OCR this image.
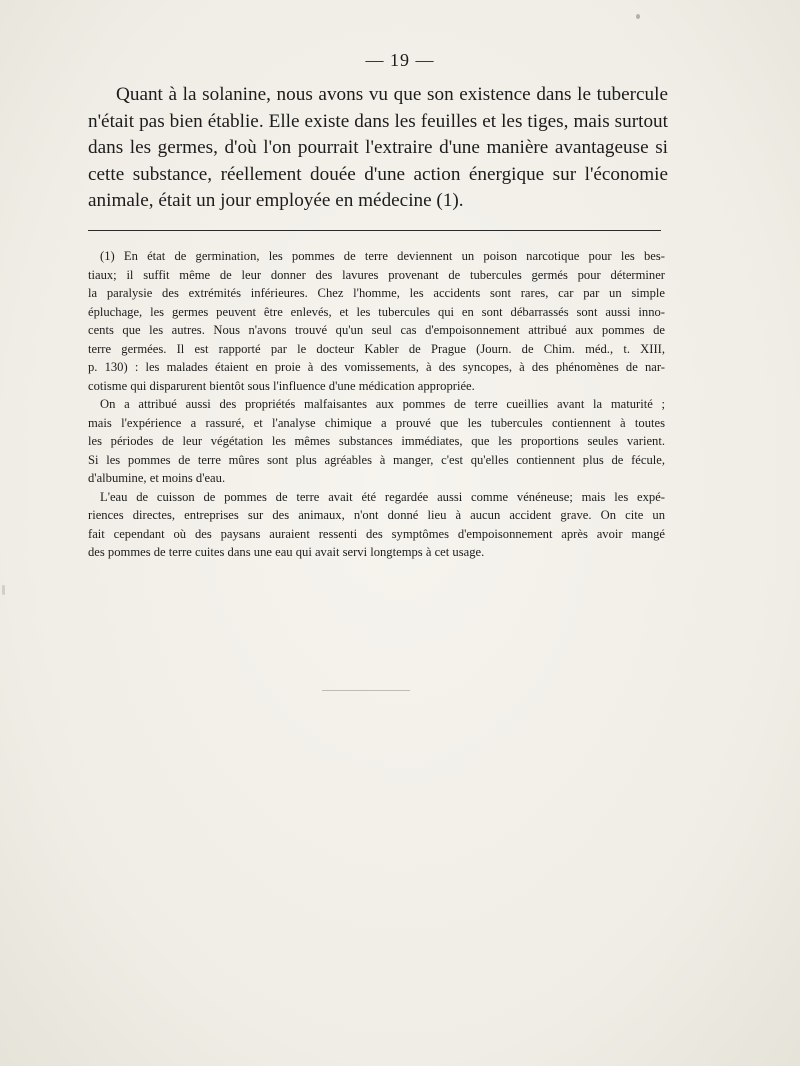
— 19 —

Quant à la solanine, nous avons vu que son existence dans le tubercule
n'était pas bien établie. Elle existe dans les feuilles et les tiges, mais surtout
dans les germes, d'où l'on pourrait l'extraire d'une manière avantageuse si
cette substance, réellement douée d'une action énergique sur l'économie
animale, était un jour employée en médecine (1).

(1) En état de germination, les pommes de terre deviennent un poison narcotique pour les bes-
tiaux; il suffit même de leur donner des lavures provenant de tubercules germés pour déterminer
la paralysie des extrémités inférieures. Chez l'homme, les accidents sont rares, car par un simple
épluchage, les germes peuvent être enlevés, et les tubercules qui en sont débarrassés sont aussi inno-
cents que les autres. Nous n'avons trouvé qu'un seul cas d'empoisonnement attribué aux pommes de
terre germées. Il est rapporté par le docteur Kabler de Prague (Journ. de Chim. méd., t. XIII,
p. 130) : les malades étaient en proie à des vomissements, à des syncopes, à des phénomènes de nar-
cotisme qui disparurent bientôt sous l'influence d'une médication appropriée.

On a attribué aussi des propriétés malfaisantes aux pommes de terre cueillies avant la maturité ;
mais l'expérience a rassuré, et l'analyse chimique a prouvé que les tubercules contiennent à toutes
les périodes de leur végétation les mêmes substances immédiates, que les proportions seules varient.
Si les pommes de terre mûres sont plus agréables à manger, c'est qu'elles contiennent plus de fécule,
d'albumine, et moins d'eau.

L'eau de cuisson de pommes de terre avait été regardée aussi comme vénéneuse; mais les expé-
riences directes, entreprises sur des animaux, n'ont donné lieu à aucun accident grave. On cite un
fait cependant où des paysans auraient ressenti des symptômes d'empoisonnement après avoir mangé
des pommes de terre cuites dans une eau qui avait servi longtemps à cet usage.
